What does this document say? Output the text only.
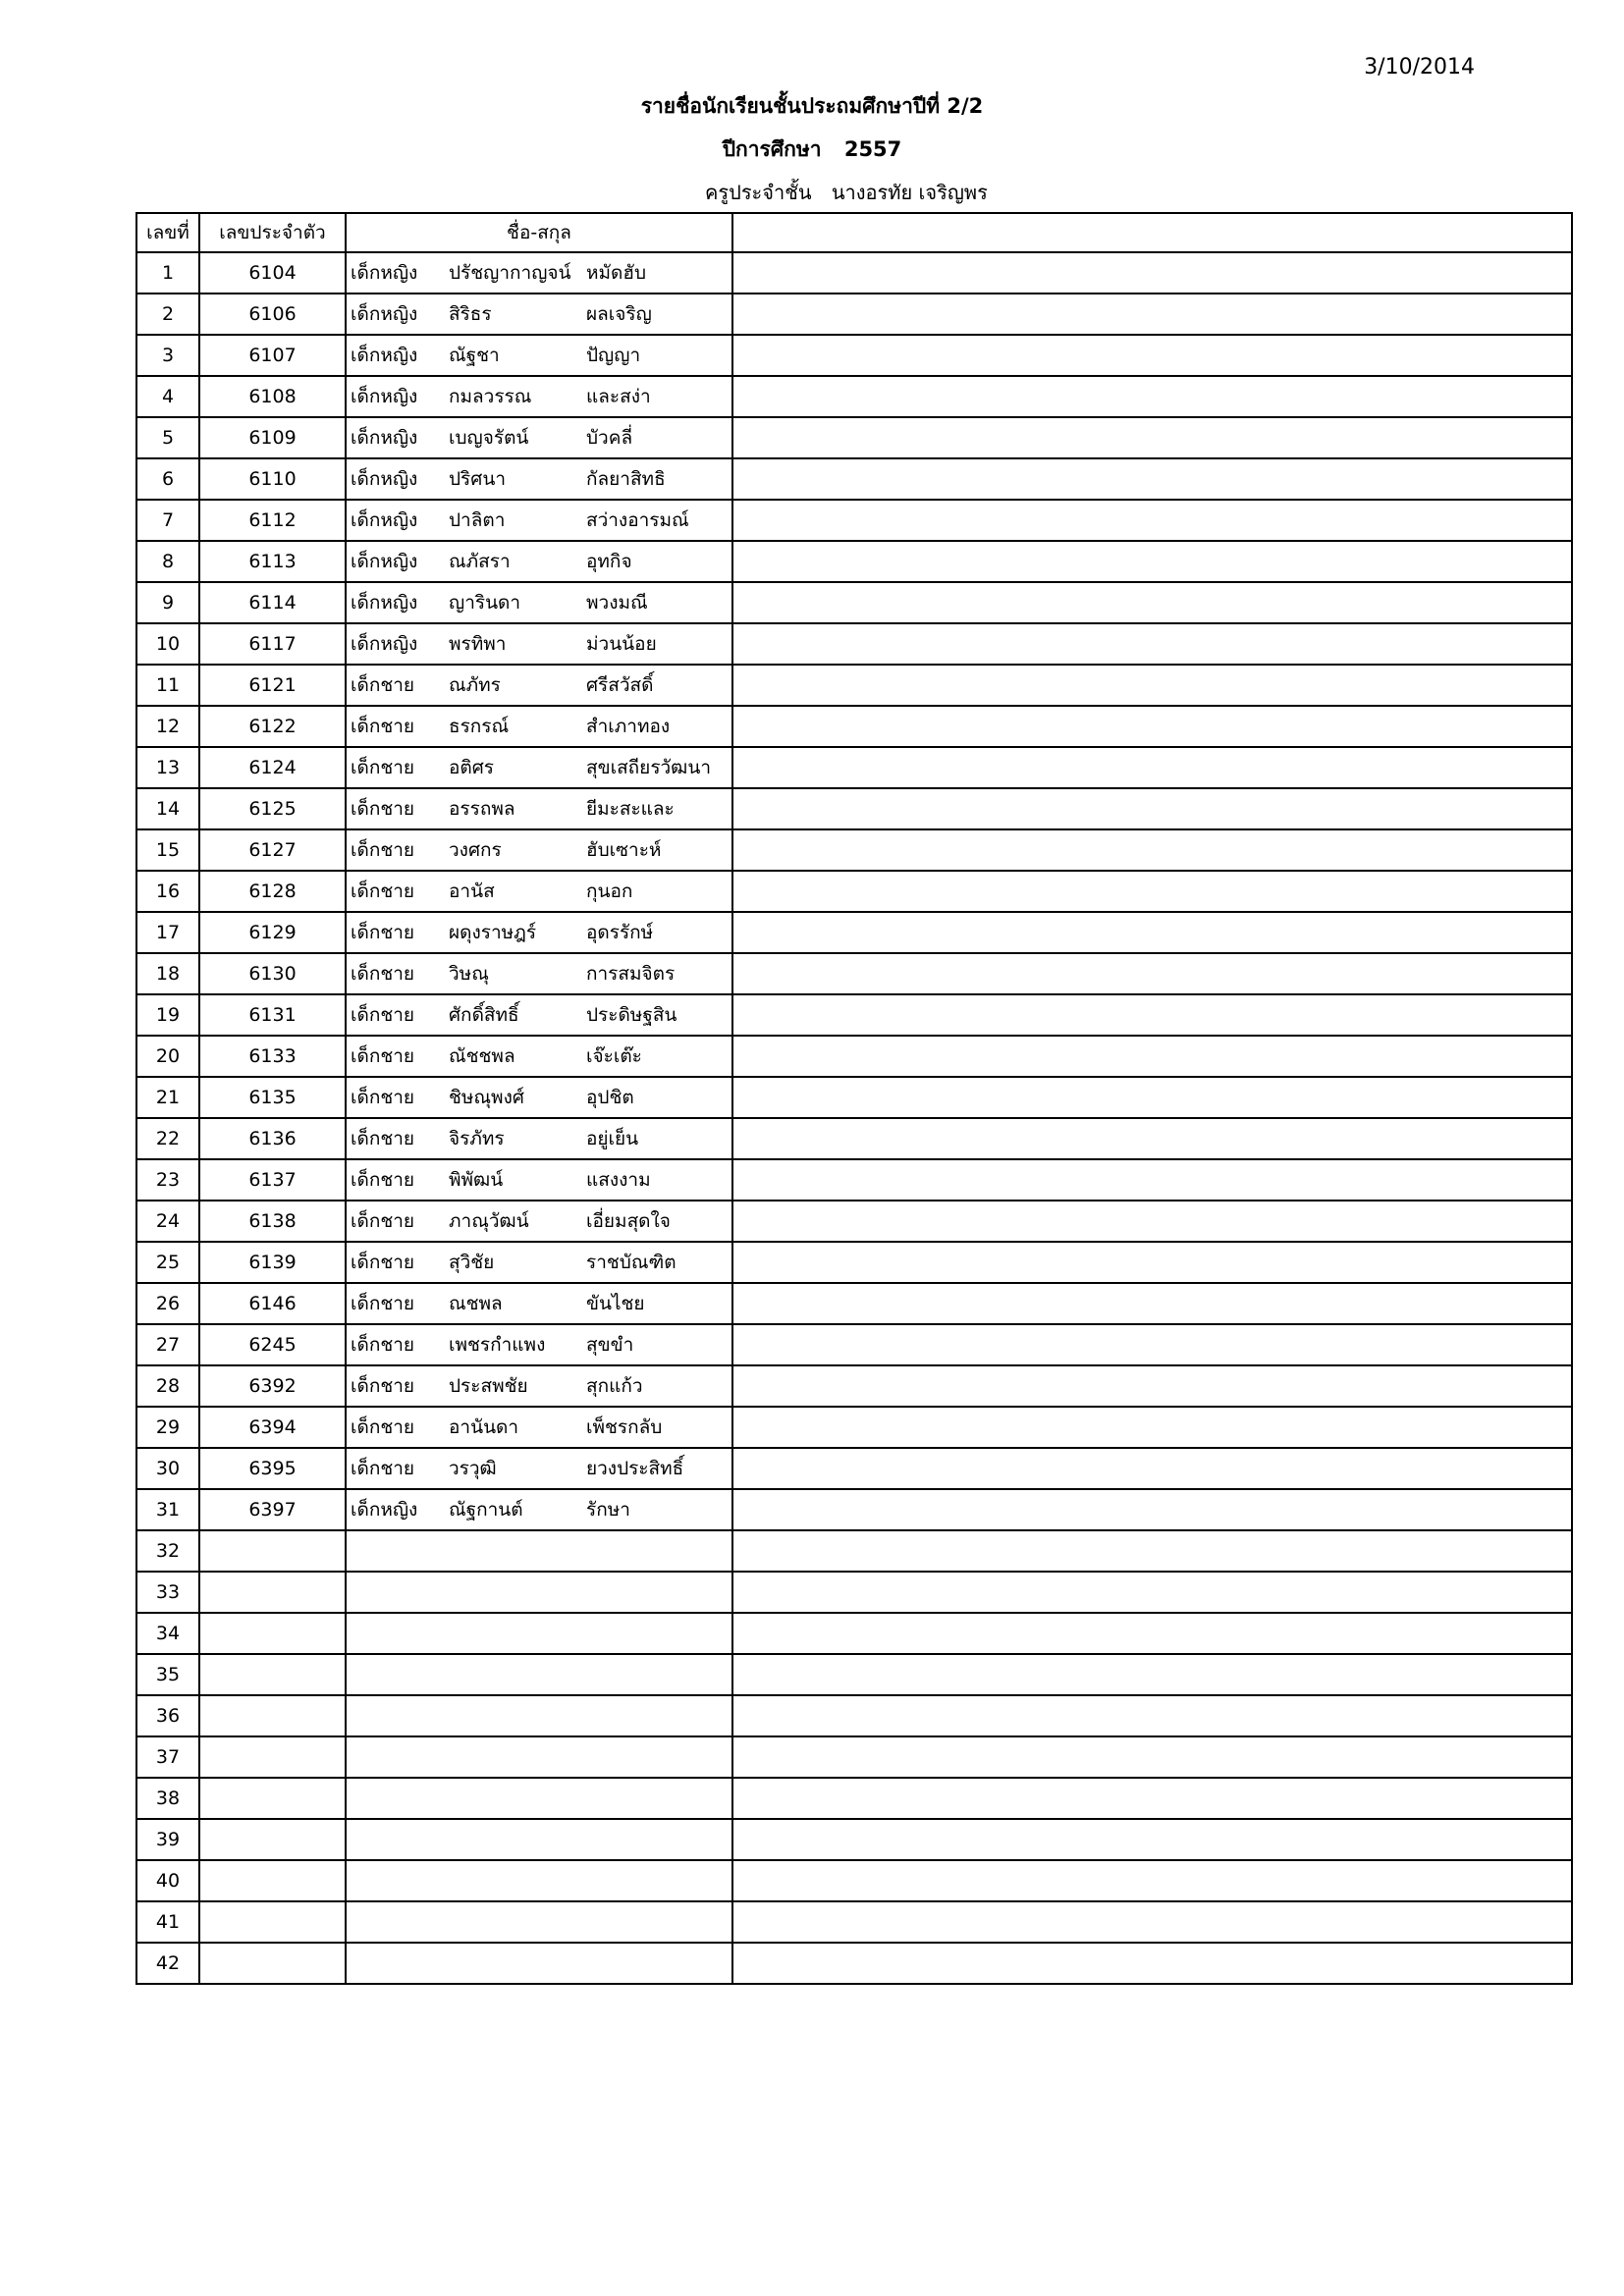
3/10/2014
รายชื่อนักเรียนชั้นประถมศึกษาปีที่ 2/2
ปีการศึกษา 2557
ครูประจำชั้น นางอรทัย เจริญพร
เลขที่	เลขประจำตัว	ชื่อ-สกุล	
1	6104	เด็กหญิง ปรัชญากาญจน์ หมัดฮับ	
2	6106	เด็กหญิง สิริธร ผลเจริญ	
3	6107	เด็กหญิง ณัฐชา ปัญญา	
4	6108	เด็กหญิง กมลวรรณ และสง่า	
5	6109	เด็กหญิง เบญจรัตน์ บัวคลี่	
6	6110	เด็กหญิง ปริศนา กัลยาสิทธิ	
7	6112	เด็กหญิง ปาลิตา สว่างอารมณ์	
8	6113	เด็กหญิง ณภัสรา อุทกิจ	
9	6114	เด็กหญิง ญารินดา พวงมณี	
10	6117	เด็กหญิง พรทิพา ม่วนน้อย	
11	6121	เด็กชาย ณภัทร ศรีสวัสดิ์	
12	6122	เด็กชาย ธรกรณ์ สำเภาทอง	
13	6124	เด็กชาย อติศร สุขเสถียรวัฒนา	
14	6125	เด็กชาย อรรถพล ยีมะสะและ	
15	6127	เด็กชาย วงศกร ฮับเซาะห์	
16	6128	เด็กชาย อานัส กุนอก	
17	6129	เด็กชาย ผดุงราษฎร์ อุดรรักษ์	
18	6130	เด็กชาย วิษณุ การสมจิตร	
19	6131	เด็กชาย ศักดิ์สิทธิ์ ประดิษฐสิน	
20	6133	เด็กชาย ณัชชพล เจ๊ะเต๊ะ	
21	6135	เด็กชาย ชิษณุพงศ์ อุปชิต	
22	6136	เด็กชาย จิรภัทร อยู่เย็น	
23	6137	เด็กชาย พิพัฒน์ แสงงาม	
24	6138	เด็กชาย ภาณุวัฒน์ เอี่ยมสุดใจ	
25	6139	เด็กชาย สุวิชัย ราชบัณฑิต	
26	6146	เด็กชาย ณชพล ขันไชย	
27	6245	เด็กชาย เพชรกำแพง สุขขำ	
28	6392	เด็กชาย ประสพชัย สุกแก้ว	
29	6394	เด็กชาย อานันดา เพ็ชรกลับ	
30	6395	เด็กชาย วรวุฒิ ยวงประสิทธิ์	
31	6397	เด็กหญิง ณัฐกานต์ รักษา	
32			
33			
34			
35			
36			
37			
38			
39			
40			
41			
42			
